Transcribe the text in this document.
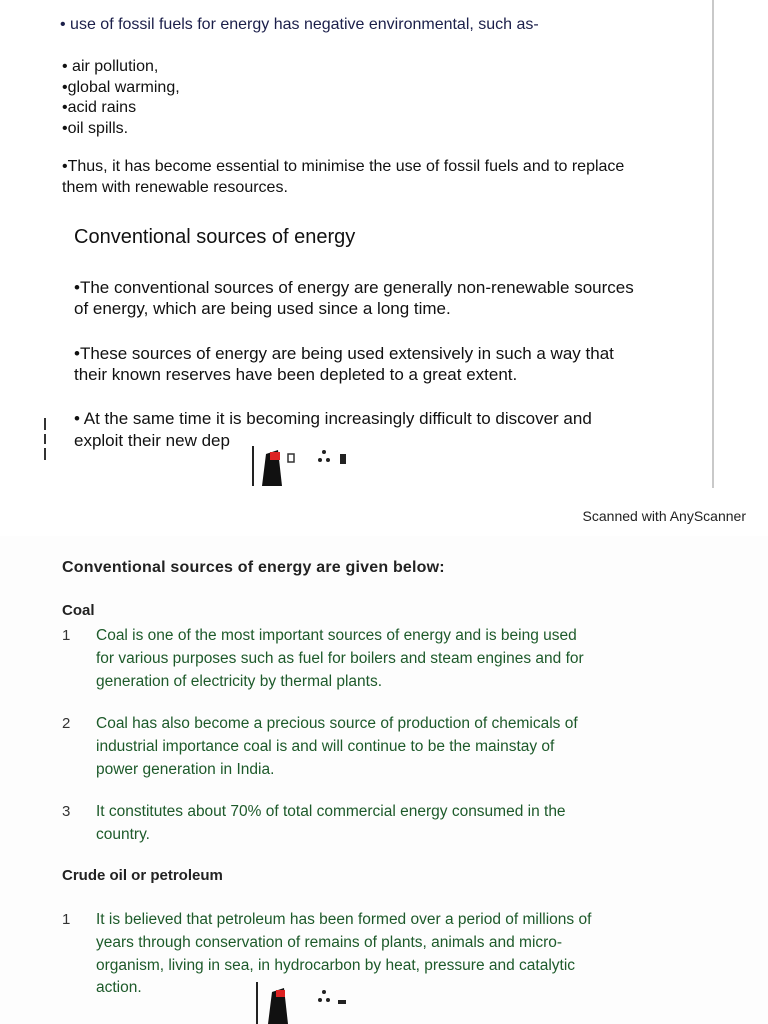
• use of fossil fuels for energy has negative environmental, such as-

• air pollution,

•global warming,

•acid rains

•oil spills.

•Thus, it has become essential to minimise the use of fossil fuels and to replace

them with renewable resources.

Conventional sources of energy

•The conventional sources of energy are generally non-renewable sources

of energy, which are being used since a long time.

•These sources of energy are being used extensively in such a way that

their known reserves have been depleted to a great extent.

• At the same time it is becoming increasingly difficult to discover and

exploit their new dep

Scanned with AnyScanner

Conventional sources of energy are given below:

Coal

1 Coal is one of the most important sources of energy and is being used

for various purposes such as fuel for boilers and steam engines and for

generation of electricity by thermal plants.

2 Coal has also become a precious source of production of chemicals of

industrial importance coal is and will continue to be the mainstay of

power generation in India.

3 It constitutes about 70% of total commercial energy consumed in the

country.

Crude oil or petroleum

1 It is believed that petroleum has been formed over a period of millions of

years through conservation of remains of plants, animals and micro-

organism, living in sea, in hydrocarbon by heat, pressure and catalytic

action.
